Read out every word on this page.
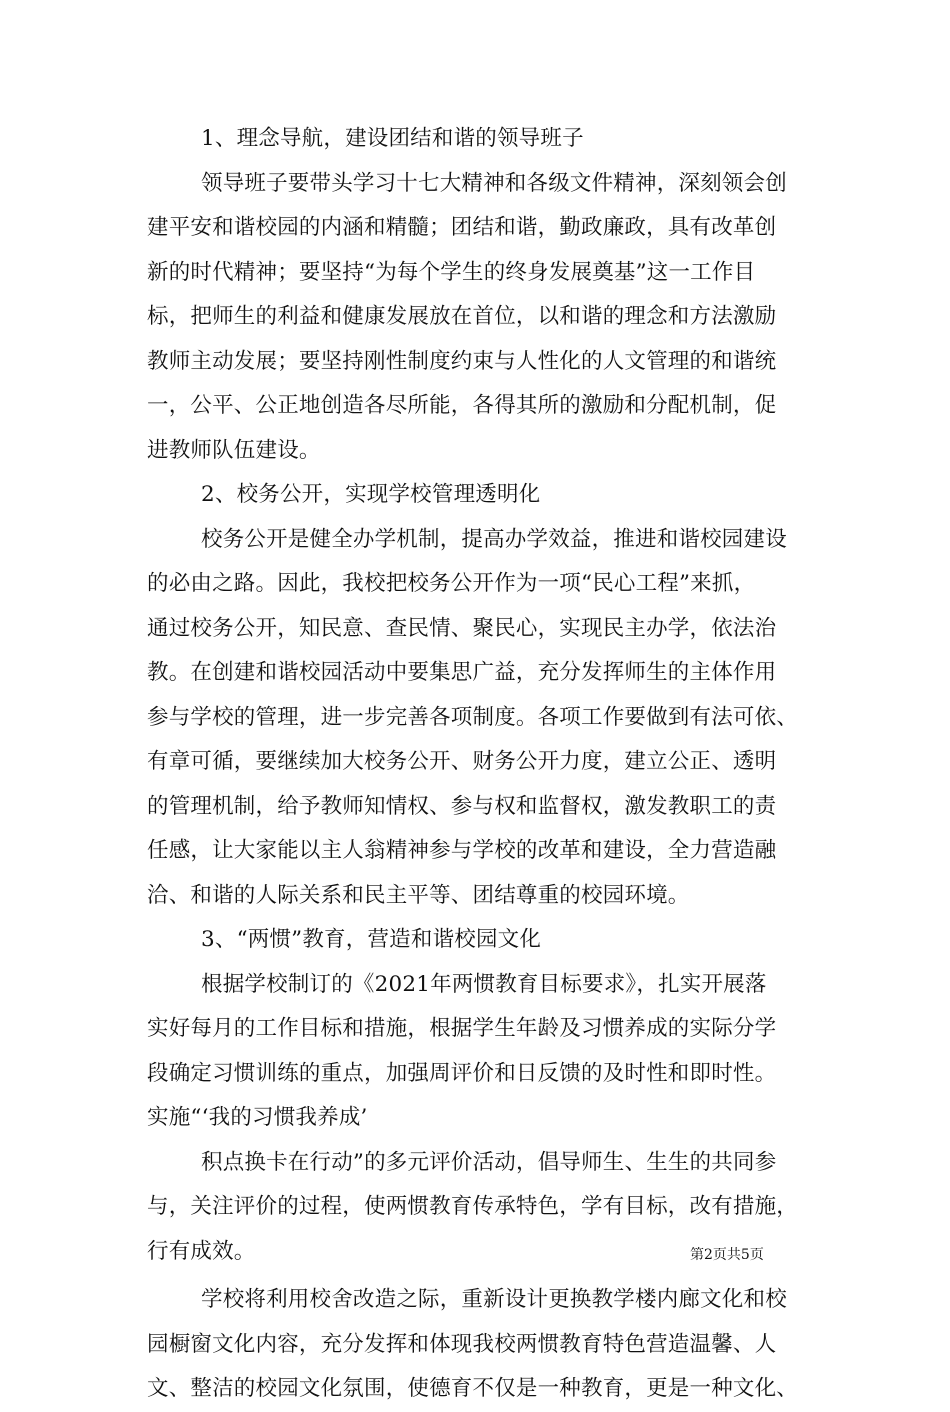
1、理念导航，建设团结和谐的领导班子
领导班子要带头学习十七大精神和各级文件精神，深刻领会创
建平安和谐校园的内涵和精髓；团结和谐，勤政廉政，具有改革创
新的时代精神；要坚持“为每个学生的终身发展奠基”这一工作目
标，把师生的利益和健康发展放在首位，以和谐的理念和方法激励
教师主动发展；要坚持刚性制度约束与人性化的人文管理的和谐统
一，公平、公正地创造各尽所能，各得其所的激励和分配机制，促
进教师队伍建设。
2、校务公开，实现学校管理透明化
校务公开是健全办学机制，提高办学效益，推进和谐校园建设
的必由之路。因此，我校把校务公开作为一项“民心工程”来抓，
通过校务公开，知民意、查民情、聚民心，实现民主办学，依法治
教。在创建和谐校园活动中要集思广益，充分发挥师生的主体作用
参与学校的管理，进一步完善各项制度。各项工作要做到有法可依、
有章可循，要继续加大校务公开、财务公开力度，建立公正、透明
的管理机制，给予教师知情权、参与权和监督权，激发教职工的责
任感，让大家能以主人翁精神参与学校的改革和建设，全力营造融
洽、和谐的人际关系和民主平等、团结尊重的校园环境。
3、“两惯”教育，营造和谐校园文化
根据学校制订的《2021年两惯教育目标要求》，扎实开展落
实好每月的工作目标和措施，根据学生年龄及习惯养成的实际分学
段确定习惯训练的重点，加强周评价和日反馈的及时性和即时性。
实施“‘我的习惯我养成’
积点换卡在行动”的多元评价活动，倡导师生、生生的共同参
与，关注评价的过程，使两惯教育传承特色，学有目标，改有措施，
行有成效。
学校将利用校舍改造之际，重新设计更换教学楼内廊文化和校
园橱窗文化内容，充分发挥和体现我校两惯教育特色营造温馨、人
文、整洁的校园文化氛围，使德育不仅是一种教育，更是一种文化、
第2页共5页
